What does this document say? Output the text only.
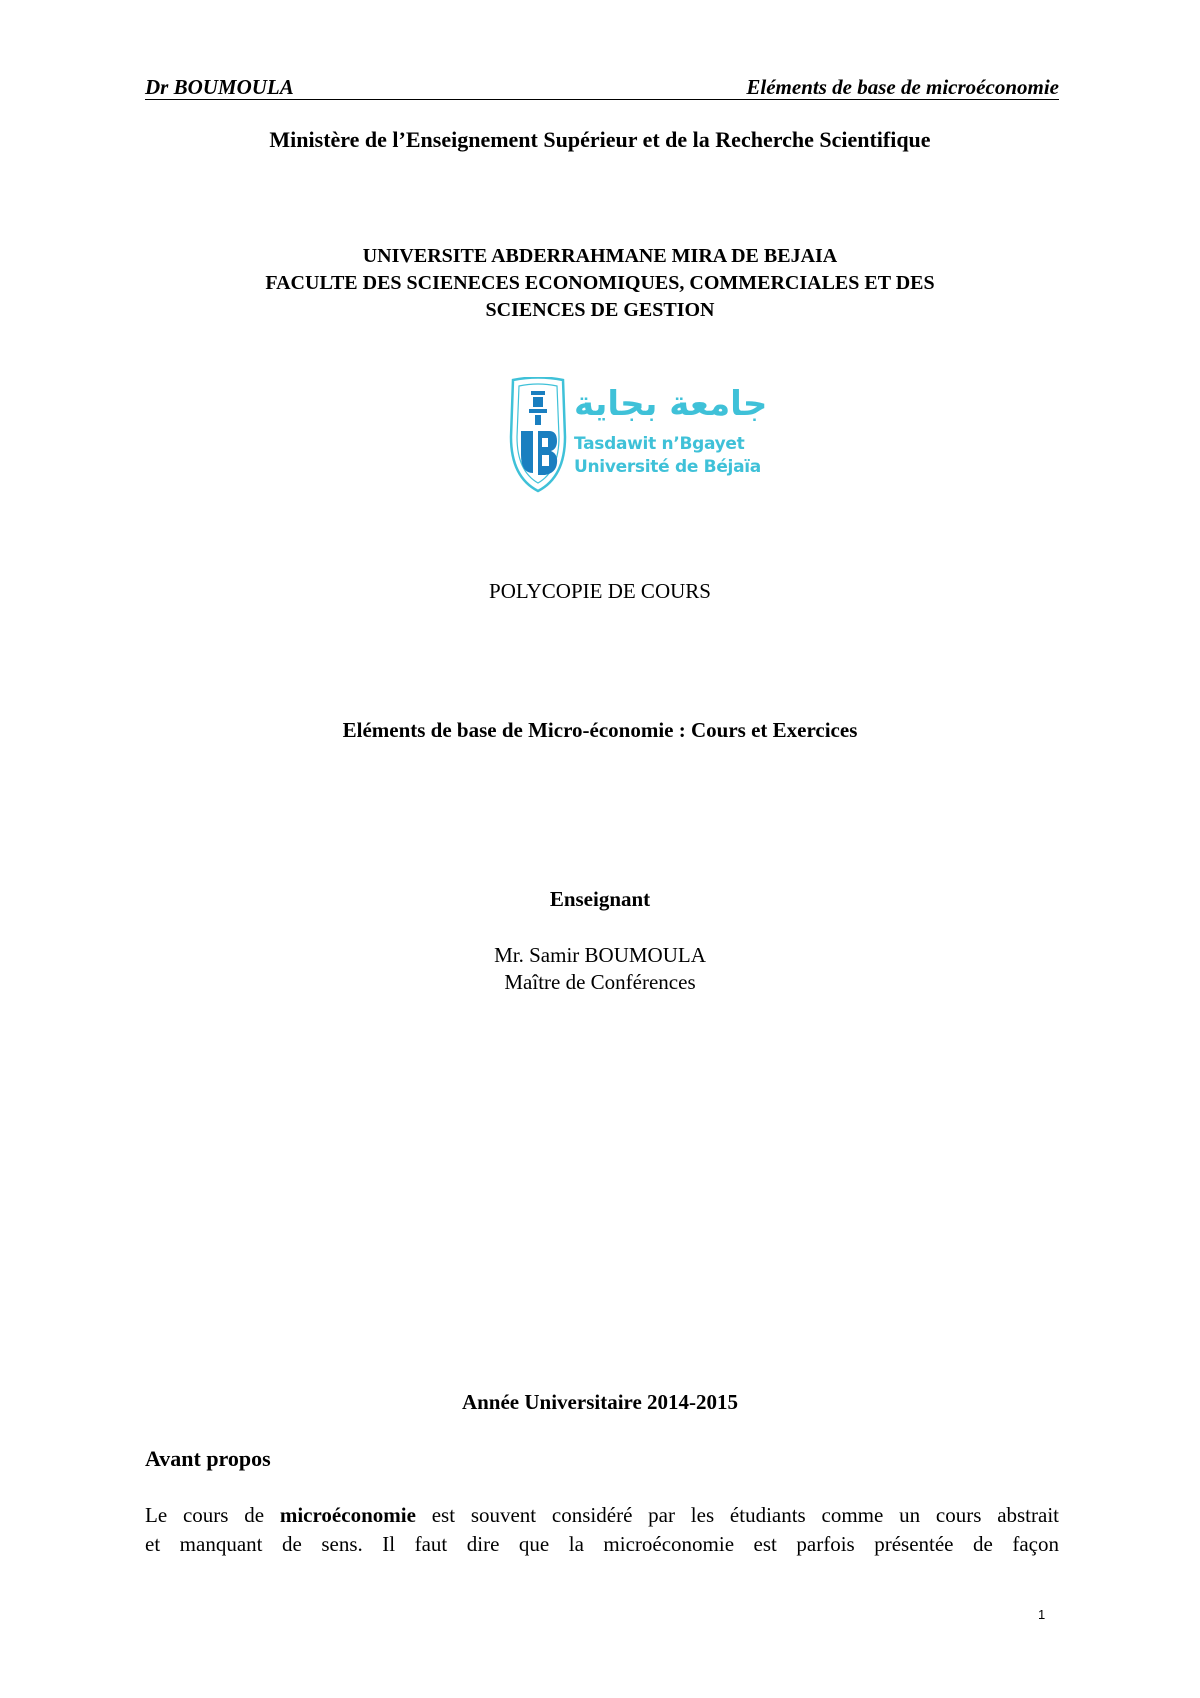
Dr BOUMOULA	Eléments de base de microéconomie
Ministère de l’Enseignement Supérieur et de la Recherche Scientifique
UNIVERSITE ABDERRAHMANE MIRA DE BEJAIA
FACULTE DES SCIENECES ECONOMIQUES, COMMERCIALES ET DES
SCIENCES DE GESTION
جامعة بجاية
Tasdawit n’Bgayet
Université de Béjaïa
POLYCOPIE DE COURS
Eléments de base de Micro-économie : Cours et Exercices
Enseignant
Mr. Samir BOUMOULA
Maître de Conférences
Année Universitaire 2014-2015
Avant propos
Le cours de microéconomie est souvent considéré par les étudiants comme un cours abstrait
et manquant de sens. Il faut dire que la microéconomie est parfois présentée de façon
1
